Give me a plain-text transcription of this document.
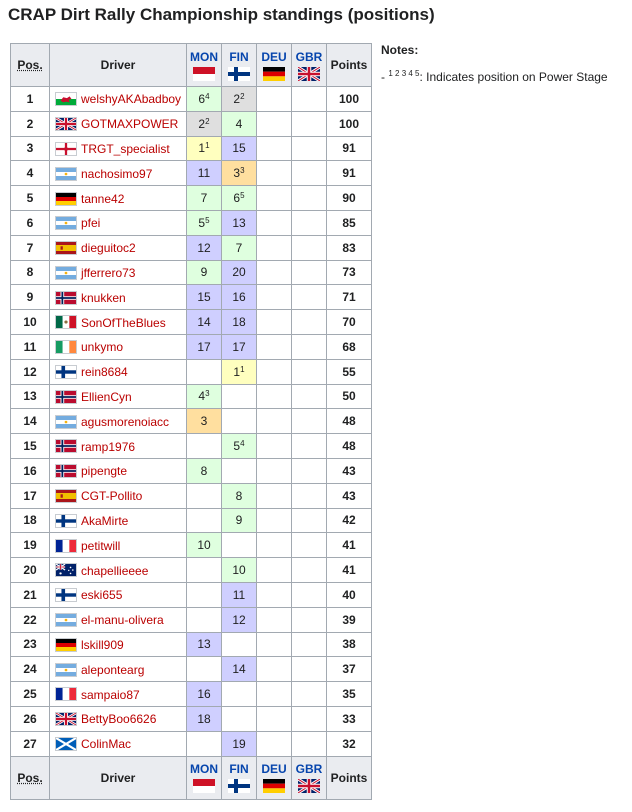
CRAP Dirt Rally Championship standings (positions)
Pos.	Driver	MON	FIN	DEU	GBR	Points
1	welshyAKAbadboy	$6^4$	$2^2$			100
2	GOTMAXPOWER	$2^2$	4			100
3	TRGT_specialist	$1^1$	15			91
4	nachosimo97	11	$3^3$			91
5	tanne42	7	$6^5$			90
6	pfei	$5^5$	13			85
7	dieguitoc2	12	7			83
8	jfferrero73	9	20			73
9	knukken	15	16			71
10	SonOfTheBlues	14	18			70
11	unkymo	17	17			68
12	rein8684		$1^1$			55
13	EllienCyn	$4^3$				50
14	agusmorenoiacc	3				48
15	ramp1976		$5^4$			48
16	pipengte	8				43
17	CGT-Pollito		8			43
18	AkaMirte		9			42
19	petitwill	10				41
20	chapellieeee		10			41
21	eski655		11			40
22	el-manu-olivera		12			39
23	lskill909	13				38
24	alepontearg		14			37
25	sampaio87	16				35
26	BettyBoo6626	18				33
27	ColinMac		19			32
Pos.	Driver	MON	FIN	DEU	GBR	Points
Notes:
- $^{1 2 3 4 5}$: Indicates position on Power Stage
